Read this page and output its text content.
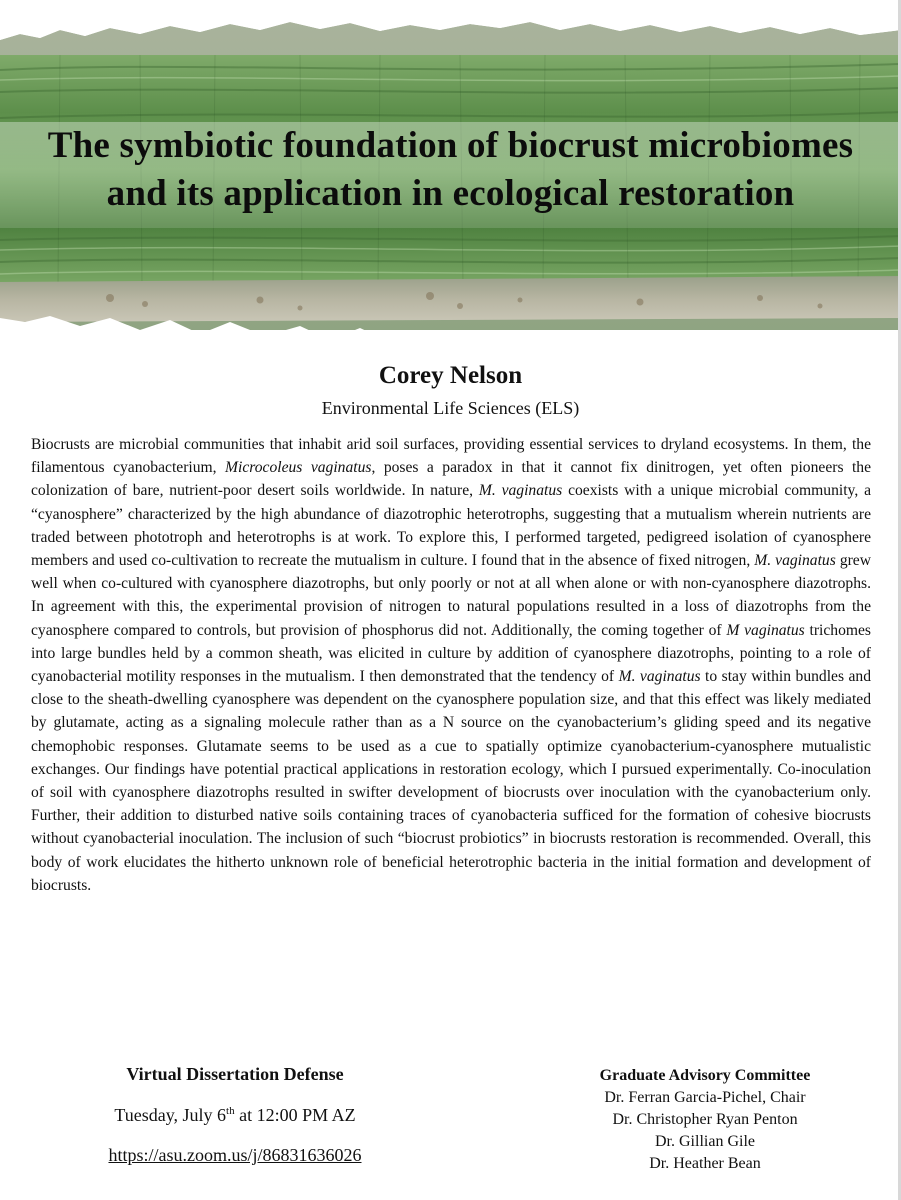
The symbiotic foundation of biocrust microbiomes
and its application in ecological restoration
Corey Nelson
Environmental Life Sciences (ELS)
Biocrusts are microbial communities that inhabit arid soil surfaces, providing essential services to dryland ecosystems. In them, the filamentous cyanobacterium, Microcoleus vaginatus, poses a paradox in that it cannot fix dinitrogen, yet often pioneers the colonization of bare, nutrient-poor desert soils worldwide. In nature, M. vaginatus coexists with a unique microbial community, a “cyanosphere” characterized by the high abundance of diazotrophic heterotrophs, suggesting that a mutualism wherein nutrients are traded between phototroph and heterotrophs is at work. To explore this, I performed targeted, pedigreed isolation of cyanosphere members and used co-cultivation to recreate the mutualism in culture. I found that in the absence of fixed nitrogen, M. vaginatus grew well when co-cultured with cyanosphere diazotrophs, but only poorly or not at all when alone or with non-cyanosphere diazotrophs. In agreement with this, the experimental provision of nitrogen to natural populations resulted in a loss of diazotrophs from the cyanosphere compared to controls, but provision of phosphorus did not. Additionally, the coming together of M vaginatus trichomes into large bundles held by a common sheath, was elicited in culture by addition of cyanosphere diazotrophs, pointing to a role of cyanobacterial motility responses in the mutualism. I then demonstrated that the tendency of M. vaginatus to stay within bundles and close to the sheath-dwelling cyanosphere was dependent on the cyanosphere population size, and that this effect was likely mediated by glutamate, acting as a signaling molecule rather than as a N source on the cyanobacterium’s gliding speed and its negative chemophobic responses. Glutamate seems to be used as a cue to spatially optimize cyanobacterium-cyanosphere mutualistic exchanges. Our findings have potential practical applications in restoration ecology, which I pursued experimentally. Co-inoculation of soil with cyanosphere diazotrophs resulted in swifter development of biocrusts over inoculation with the cyanobacterium only. Further, their addition to disturbed native soils containing traces of cyanobacteria sufficed for the formation of cohesive biocrusts without cyanobacterial inoculation. The inclusion of such “biocrust probiotics” in biocrusts restoration is recommended. Overall, this body of work elucidates the hitherto unknown role of beneficial heterotrophic bacteria in the initial formation and development of biocrusts.
Virtual Dissertation Defense
Tuesday, July 6th at 12:00 PM AZ
https://asu.zoom.us/j/86831636026
Graduate Advisory Committee
Dr. Ferran Garcia-Pichel, Chair
Dr. Christopher Ryan Penton
Dr. Gillian Gile
Dr. Heather Bean
